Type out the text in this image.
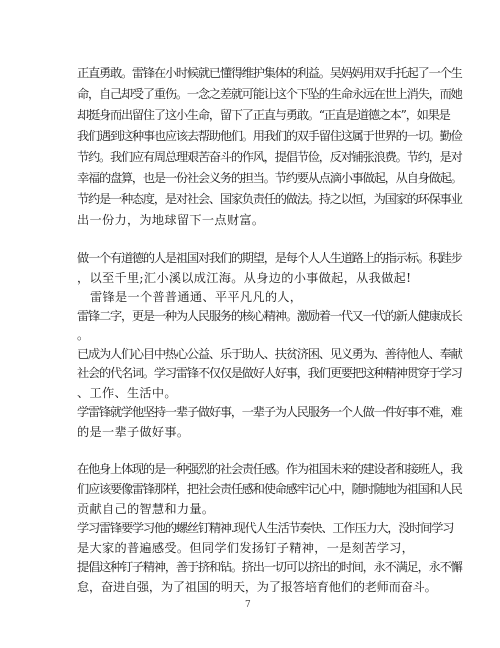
正直勇敢。雷锋在小时候就已懂得维护集体的利益。吴妈妈用双手托起了一个生
命，自己却受了重伤。一念之差就可能让这个下坠的生命永远在世上消失，而她
却挺身而出留住了这小生命，留下了正直与勇敢。“正直是道德之本”，如果是
我们遇到这种事也应该去帮助他们。用我们的双手留住这属于世界的一切。勤俭
节约。我们应有周总理艰苦奋斗的作风，提倡节俭，反对铺张浪费。节约，是对
幸福的盘算，也是一份社会义务的担当。节约要从点滴小事做起，从自身做起。
节约是一种态度，是对社会、国家负责任的做法。持之以恒，为国家的环保事业
出一份力，为地球留下一点财富。
做一个有道德的人是祖国对我们的期望，是每个人人生道路上的指示标。积跬步
，以至千里;汇小溪以成江海。从身边的小事做起，从我做起!
雷锋是一个普普通通、平平凡凡的人，
雷锋二字，更是一种为人民服务的核心精神。激励着一代又一代的新人健康成长
。
已成为人们心目中热心公益、乐于助人、扶贫济困、见义勇为、善待他人、奉献
社会的代名词。学习雷锋不仅仅是做好人好事，我们更要把这种精神贯穿于学习
、工作、生活中。
学雷锋就学他坚持一辈子做好事，一辈子为人民服务一个人做一件好事不难，难
的是一辈子做好事。
在他身上体现的是一种强烈的社会责任感。作为祖国未来的建设者和接班人，我
们应该要像雷锋那样，把社会责任感和使命感牢记心中，随时随地为祖国和人民
贡献自己的智慧和力量。
学习雷锋要学习他的螺丝钉精神.现代人生活节奏快、工作压力大，没时间学习
是大家的普遍感受。但同学们发扬钉子精神，一是刻苦学习，
提倡这种钉子精神，善于挤和钻。挤出一切可以挤出的时间，永不满足，永不懈
怠，奋进自强，为了祖国的明天，为了报答培育他们的老师而奋斗。
7
